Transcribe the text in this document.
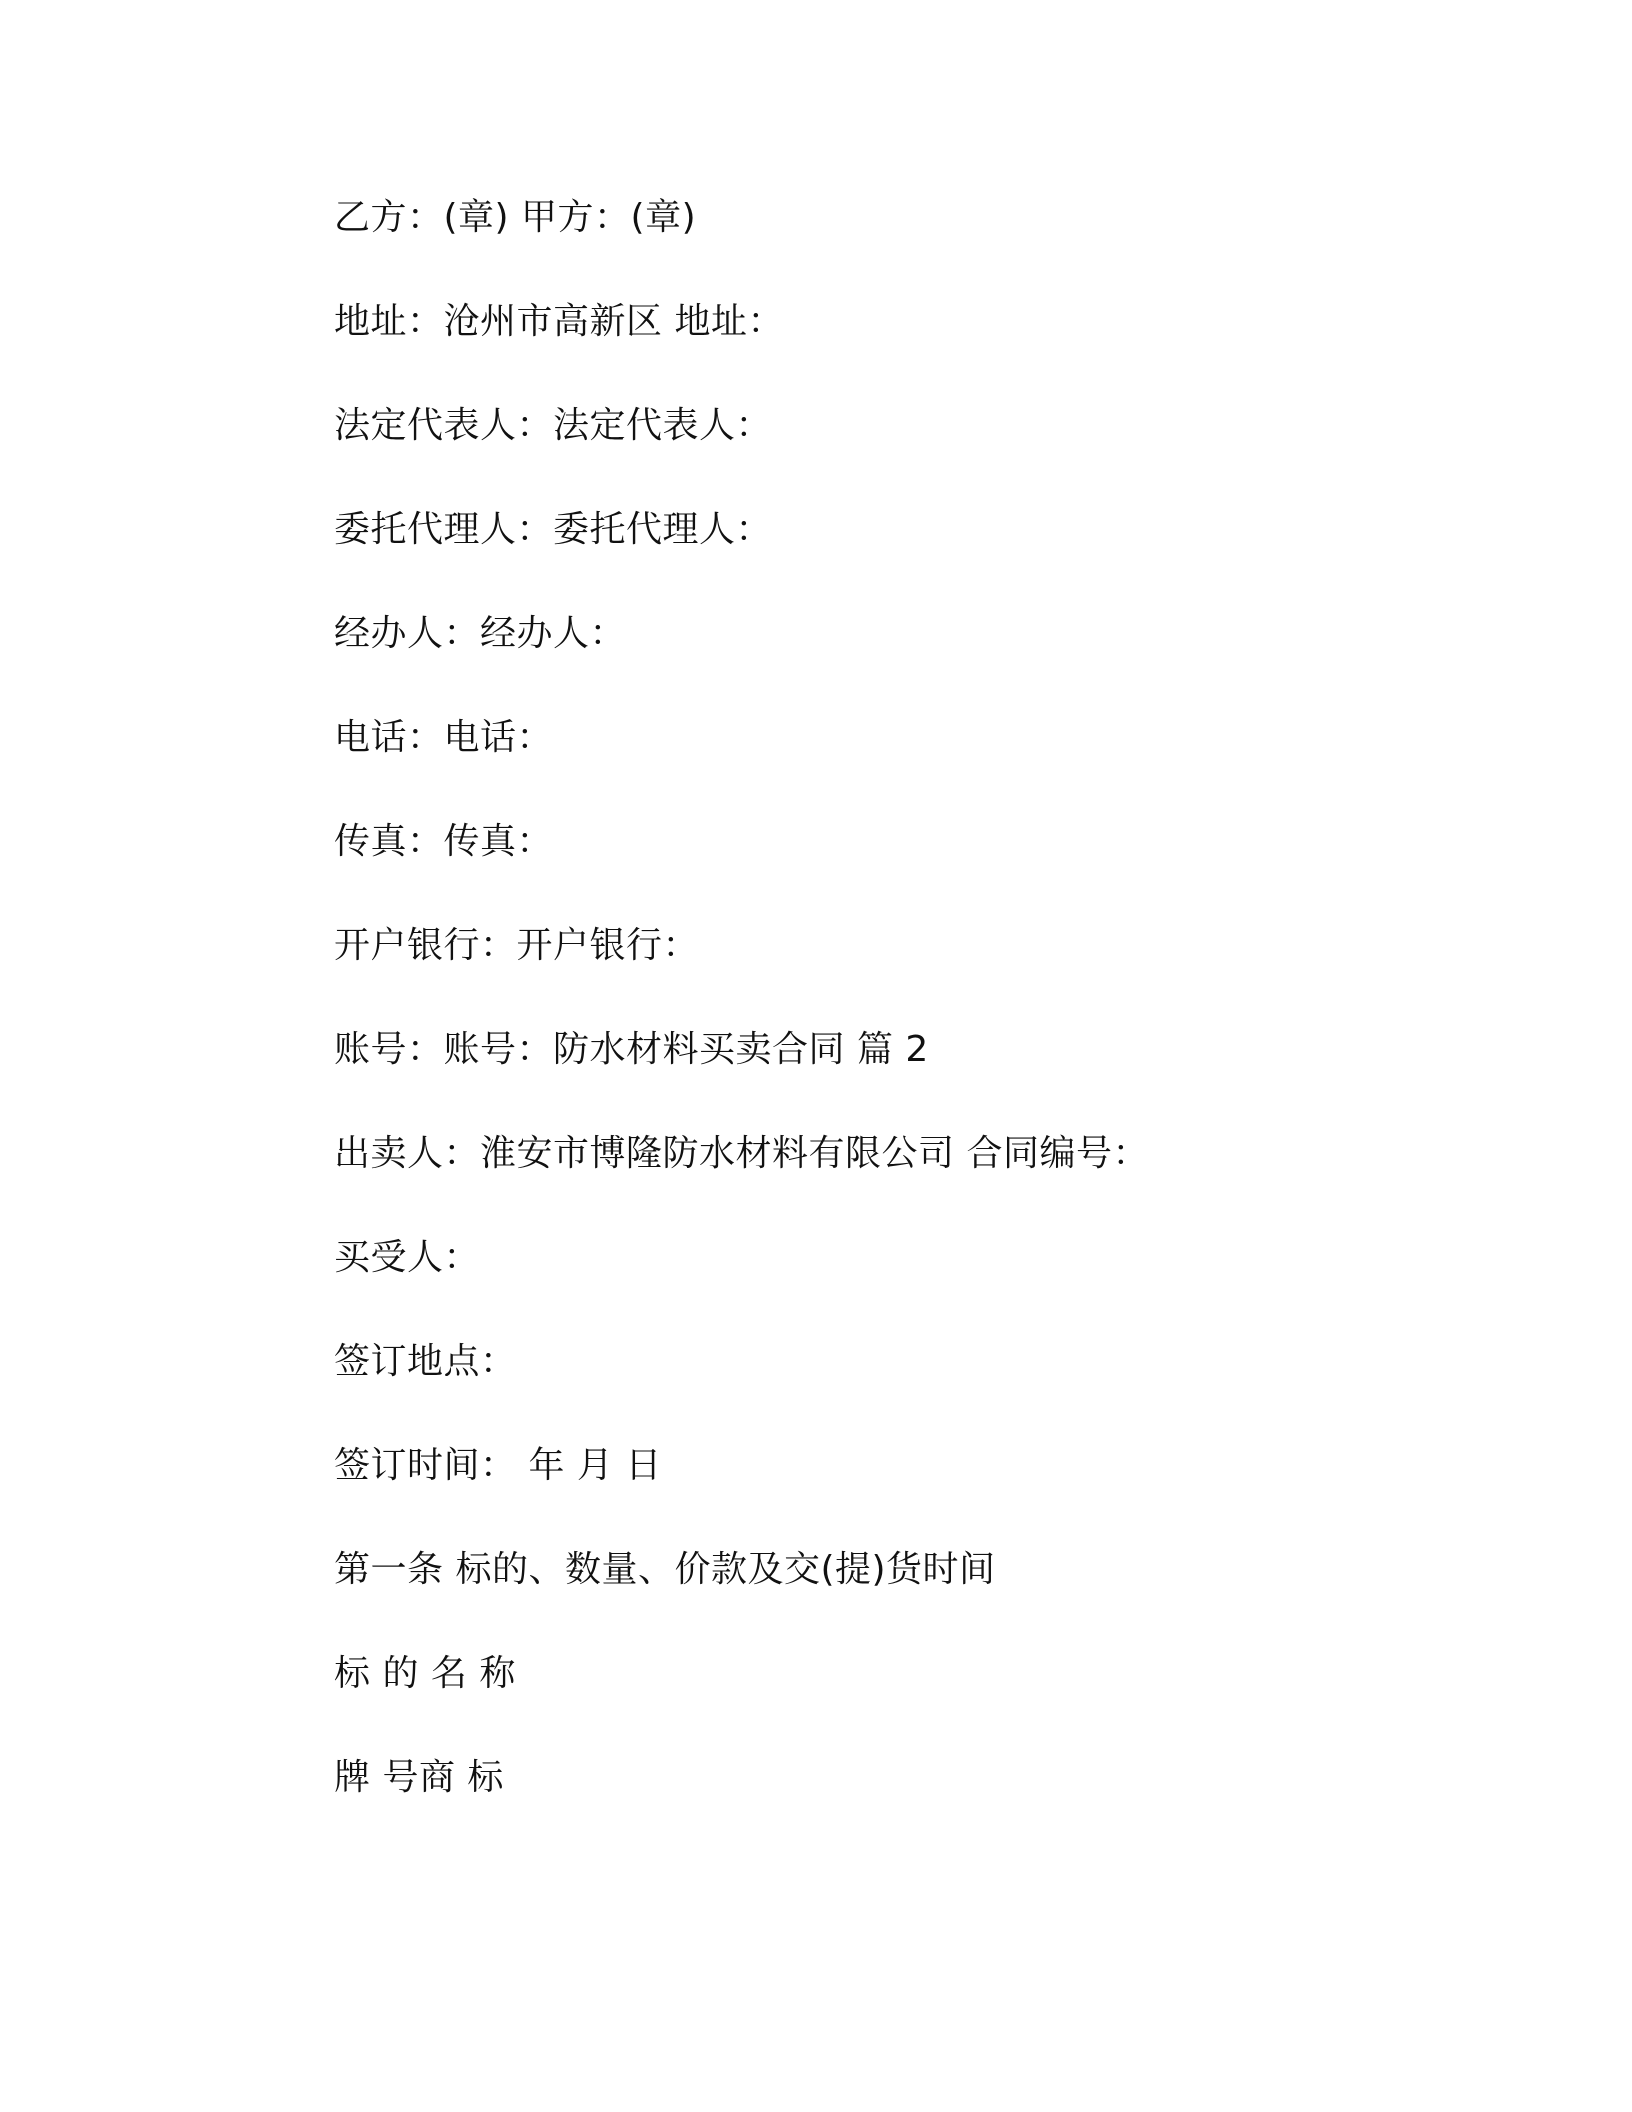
乙方：(章) 甲方：(章)
地址：沧州市高新区 地址：
法定代表人：法定代表人：
委托代理人：委托代理人：
经办人：经办人：
电话：电话：
传真：传真：
开户银行：开户银行：
账号：账号：防水材料买卖合同 篇 2
出卖人：淮安市博隆防水材料有限公司 合同编号：
买受人：
签订地点：
签订时间： 年 月 日
第一条 标的、数量、价款及交(提)货时间
标 的 名 称
牌 号商 标
